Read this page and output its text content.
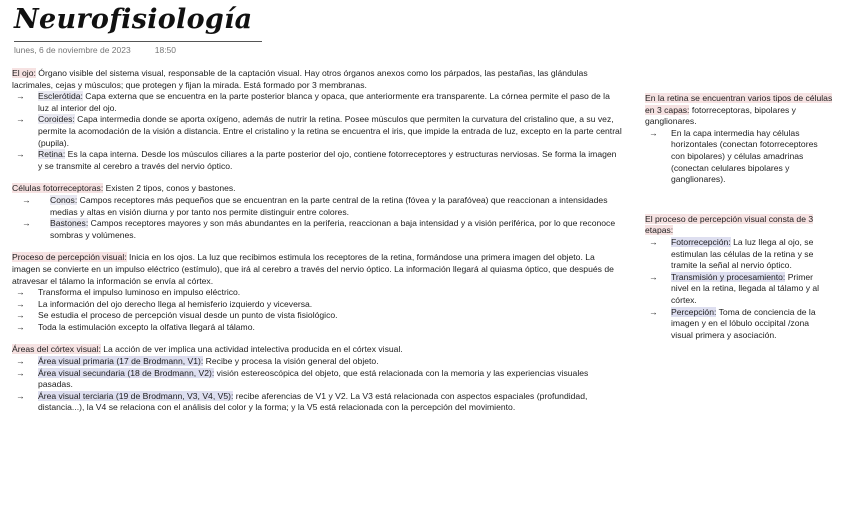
Neurofisiología
lunes, 6 de noviembre de 2023	18:50

El ojo: Órgano visible del sistema visual, responsable de la captación visual. Hay otros órganos anexos como los párpados, las pestañas, las glándulas lacrimales, cejas y músculos; que protegen y fijan la mirada. Está formado por 3 membranas.

→	Esclerótida: Capa externa que se encuentra en la parte posterior blanca y opaca, que anteriormente era transparente. La córnea permite el paso de la luz al interior del ojo.
→	Coroides: Capa intermedia donde se aporta oxígeno, además de nutrir la retina. Posee músculos que permiten la curvatura del cristalino que, a su vez, permite la acomodación de la visión a distancia. Entre el cristalino y la retina se encuentra el iris, que impide la entrada de luz, excepto en la parte central (pupila).
→	Retina: Es la capa interna. Desde los músculos ciliares a la parte posterior del ojo, contiene fotorreceptores y estructuras nerviosas. Se forma la imagen y se transmite al cerebro a través del nervio óptico.

Células fotorreceptoras: Existen 2 tipos, conos y bastones.

→	Conos: Campos receptores más pequeños que se encuentran en la parte central de la retina (fóvea y la parafóvea) que reaccionan a intensidades medias y altas en visión diurna y por tanto nos permite distinguir entre colores.
→	Bastones: Campos receptores mayores y son más abundantes en la periferia, reaccionan a baja intensidad y a visión periférica, por lo que reconoce sombras y volúmenes.

Proceso de percepción visual: Inicia en los ojos. La luz que recibimos estimula los receptores de la retina, formándose una primera imagen del objeto. La imagen se convierte en un impulso eléctrico (estímulo), que irá al cerebro a través del nervio óptico. La información llegará al quiasma óptico, que después de atravesar el tálamo la información se envía al córtex.

→	Transforma el impulso luminoso en impulso eléctrico.
→	La información del ojo derecho llega al hemisferio izquierdo y viceversa.
→	Se estudia el proceso de percepción visual desde un punto de vista fisiológico.
→	Toda la estimulación excepto la olfativa llegará al tálamo.

Áreas del córtex visual: La acción de ver implica una actividad intelectiva producida en el córtex visual.

→	Área visual primaria (17 de Brodmann, V1): Recibe y procesa la visión general del objeto.
→	Área visual secundaria (18 de Brodmann, V2): visión estereoscópica del objeto, que está relacionada con la memoria y las experiencias visuales pasadas.
→	Área visual terciaria (19 de Brodmann, V3, V4, V5): recibe aferencias de V1 y V2. La V3 está relacionada con aspectos espaciales (profundidad, distancia...), la V4 se relaciona con el análisis del color y la forma; y la V5 está relacionada con la percepción del movimiento.

En la retina se encuentran varios tipos de células en 3 capas: fotorreceptoras, bipolares y ganglionares.

→	En la capa intermedia hay células horizontales (conectan fotorreceptores con bipolares) y células amadrinas (conectan celulares bipolares y ganglionares).

El proceso de percepción visual consta de 3 etapas:

→	Fotorrecepción: La luz llega al ojo, se estimulan las células de la retina y se tramite la señal al nervio óptico.
→	Transmisión y procesamiento: Primer nivel en la retina, llegada al tálamo y al córtex.
→	Percepción: Toma de conciencia de la imagen y en el lóbulo occipital /zona visual primera y asociación.
